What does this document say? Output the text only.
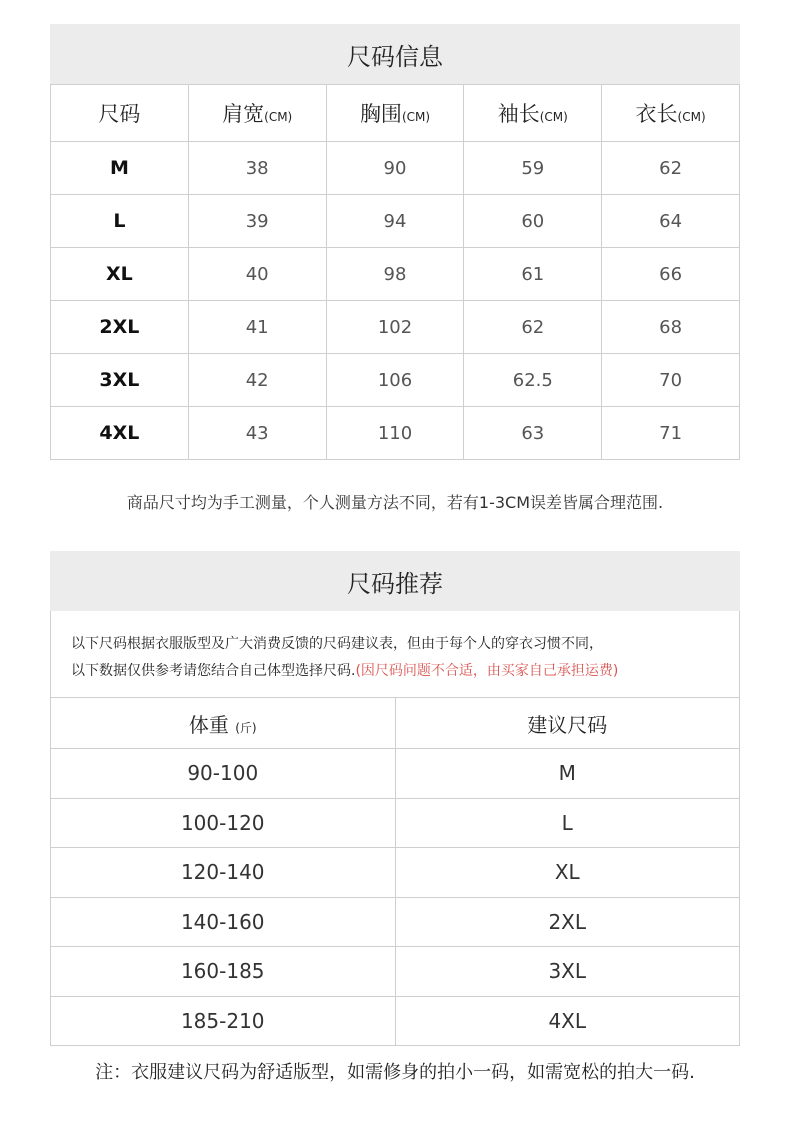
尺码信息
尺码	肩宽(CM)	胸围(CM)	袖长(CM)	衣长(CM)
M	38	90	59	62
L	39	94	60	64
XL	40	98	61	66
2XL	41	102	62	68
3XL	42	106	62.5	70
4XL	43	110	63	71
商品尺寸均为手工测量，个人测量方法不同，若有1-3CM误差皆属合理范围.
尺码推荐
以下尺码根据衣服版型及广大消费反馈的尺码建议表，但由于每个人的穿衣习惯不同，
以下数据仅供参考请您结合自己体型选择尺码.(因尺码问题不合适，由买家自己承担运费)
体重 (斤)	建议尺码
90-100	M
100-120	L
120-140	XL
140-160	2XL
160-185	3XL
185-210	4XL
注：衣服建议尺码为舒适版型，如需修身的拍小一码，如需宽松的拍大一码.
